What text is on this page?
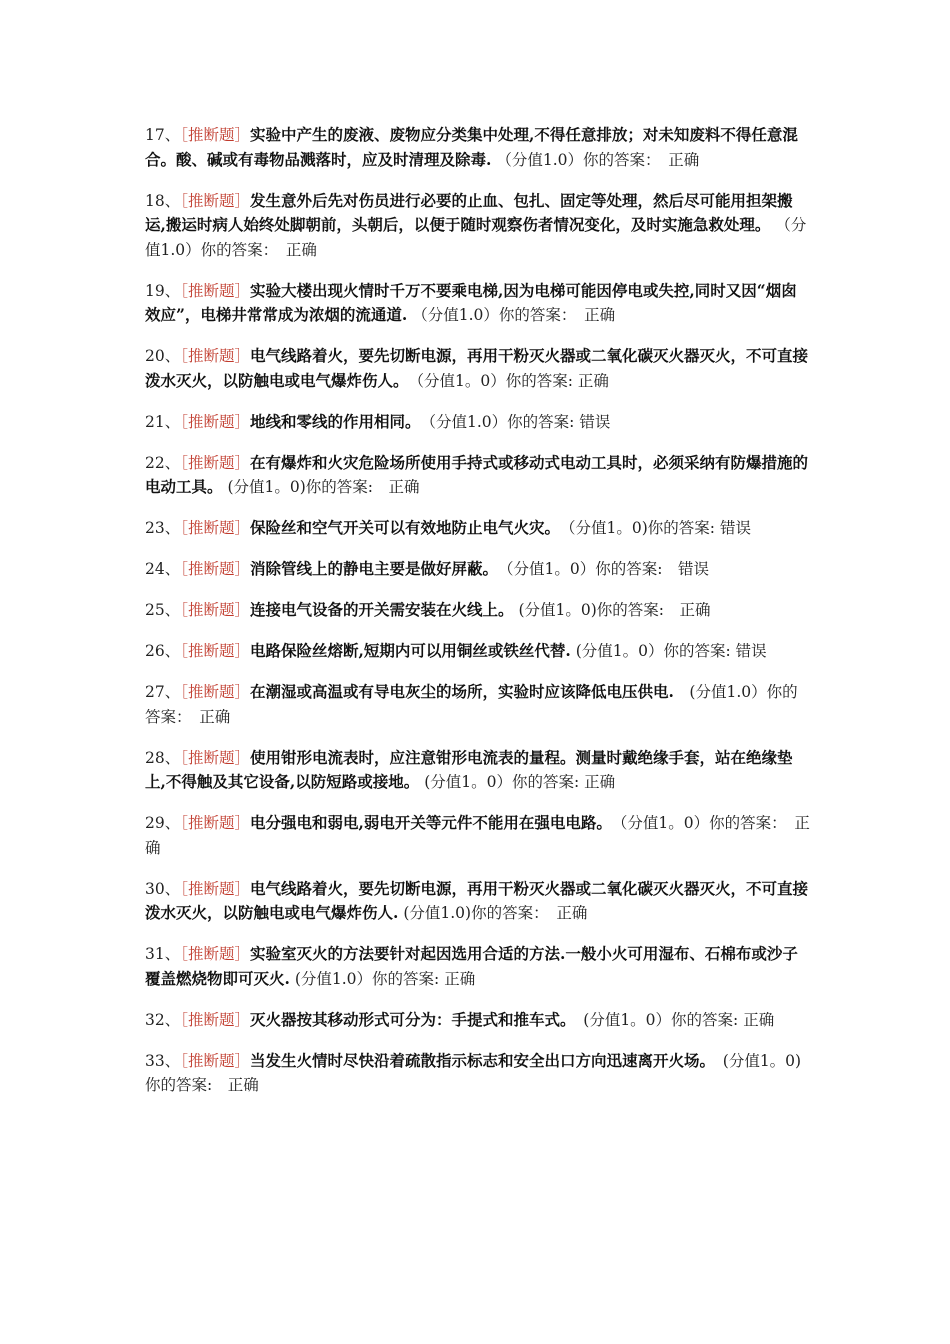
17、［推断题］实验中产生的废液、废物应分类集中处理,不得任意排放；对未知废料不得任意混合。酸、碱或有毒物品溅落时，应及时清理及除毒. （分值1.0）你的答案：　正确

18、［推断题］发生意外后先对伤员进行必要的止血、包扎、固定等处理，然后尽可能用担架搬运,搬运时病人始终处脚朝前，头朝后，以便于随时观察伤者情况变化，及时实施急救处理。 （分值1.0）你的答案：　正确

19、［推断题］实验大楼出现火情时千万不要乘电梯,因为电梯可能因停电或失控,同时又因“烟囱效应”，电梯井常常成为浓烟的流通道. （分值1.0）你的答案：　正确

20、［推断题］电气线路着火，要先切断电源，再用干粉灭火器或二氧化碳灭火器灭火，不可直接泼水灭火，以防触电或电气爆炸伤人。　（分值1。0）你的答案: 正确

21、［推断题］地线和零线的作用相同。　（分值1.0）你的答案: 错误

22、［推断题］在有爆炸和火灾危险场所使用手持式或移动式电动工具时，必须采纳有防爆措施的电动工具。 (分值1。0)你的答案:　正确

23、［推断题］保险丝和空气开关可以有效地防止电气火灾。　（分值1。0)你的答案: 错误

24、［推断题］消除管线上的静电主要是做好屏蔽。　（分值1。0）你的答案:　错误

25、［推断题］连接电气设备的开关需安装在火线上。 (分值1。0)你的答案:　正确

26、［推断题］电路保险丝熔断,短期内可以用铜丝或铁丝代替. (分值1。0）你的答案: 错误

27、［推断题］在潮湿或高温或有导电灰尘的场所，实验时应该降低电压供电.　(分值1.0）你的答案：　正确

28、［推断题］使用钳形电流表时，应注意钳形电流表的量程。测量时戴绝缘手套，站在绝缘垫上,不得触及其它设备,以防短路或接地。 (分值1。0）你的答案: 正确

29、［推断题］电分强电和弱电,弱电开关等元件不能用在强电电路。　（分值1。0）你的答案：　正确

30、［推断题］电气线路着火，要先切断电源，再用干粉灭火器或二氧化碳灭火器灭火，不可直接泼水灭火，以防触电或电气爆炸伤人. (分值1.0)你的答案：　正确

31、［推断题］实验室灭火的方法要针对起因选用合适的方法.一般小火可用湿布、石棉布或沙子覆盖燃烧物即可灭火. (分值1.0）你的答案: 正确

32、［推断题］灭火器按其移动形式可分为：手提式和推车式。　(分值1。0）你的答案: 正确

33、［推断题］当发生火情时尽快沿着疏散指示标志和安全出口方向迅速离开火场。　(分值1。0)你的答案:　正确
